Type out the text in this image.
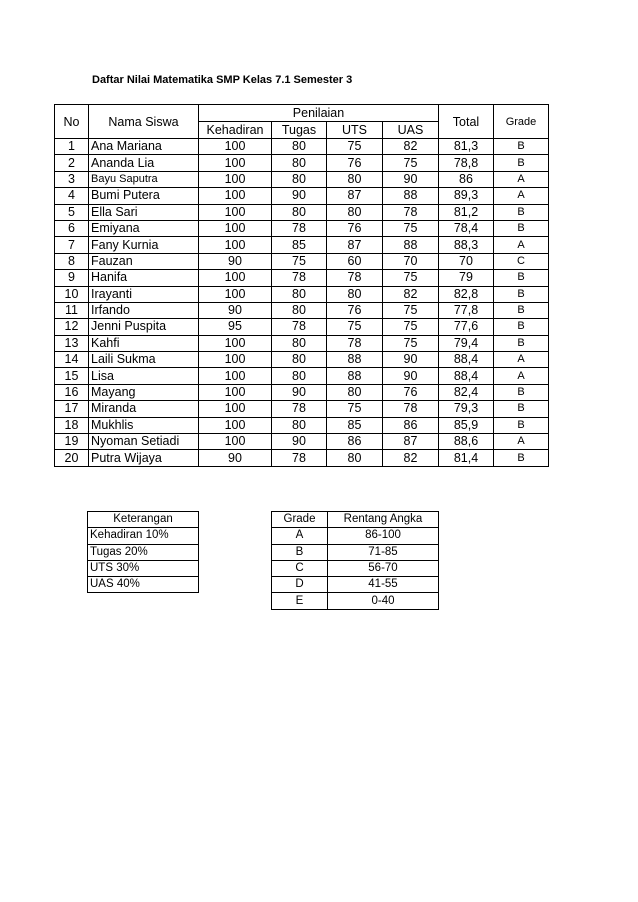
Daftar Nilai Matematika SMP Kelas 7.1 Semester 3
No	Nama Siswa	Penilaian				Total	Grade
		Kehadiran	Tugas	UTS	UAS		
1	Ana Mariana	100	80	75	82	81,3	B
2	Ananda Lia	100	80	76	75	78,8	B
3	Bayu Saputra	100	80	80	90	86	A
4	Bumi Putera	100	90	87	88	89,3	A
5	Ella Sari	100	80	80	78	81,2	B
6	Emiyana	100	78	76	75	78,4	B
7	Fany Kurnia	100	85	87	88	88,3	A
8	Fauzan	90	75	60	70	70	C
9	Hanifa	100	78	78	75	79	B
10	Irayanti	100	80	80	82	82,8	B
11	Irfando	90	80	76	75	77,8	B
12	Jenni Puspita	95	78	75	75	77,6	B
13	Kahfi	100	80	78	75	79,4	B
14	Laili Sukma	100	80	88	90	88,4	A
15	Lisa	100	80	88	90	88,4	A
16	Mayang	100	90	80	76	82,4	B
17	Miranda	100	78	75	78	79,3	B
18	Mukhlis	100	80	85	86	85,9	B
19	Nyoman Setiadi	100	90	86	87	88,6	A
20	Putra Wijaya	90	78	80	82	81,4	B
Keterangan
Kehadiran 10%
Tugas 20%
UTS 30%
UAS 40%
Grade	Rentang Angka
A	86-100
B	71-85
C	56-70
D	41-55
E	0-40
